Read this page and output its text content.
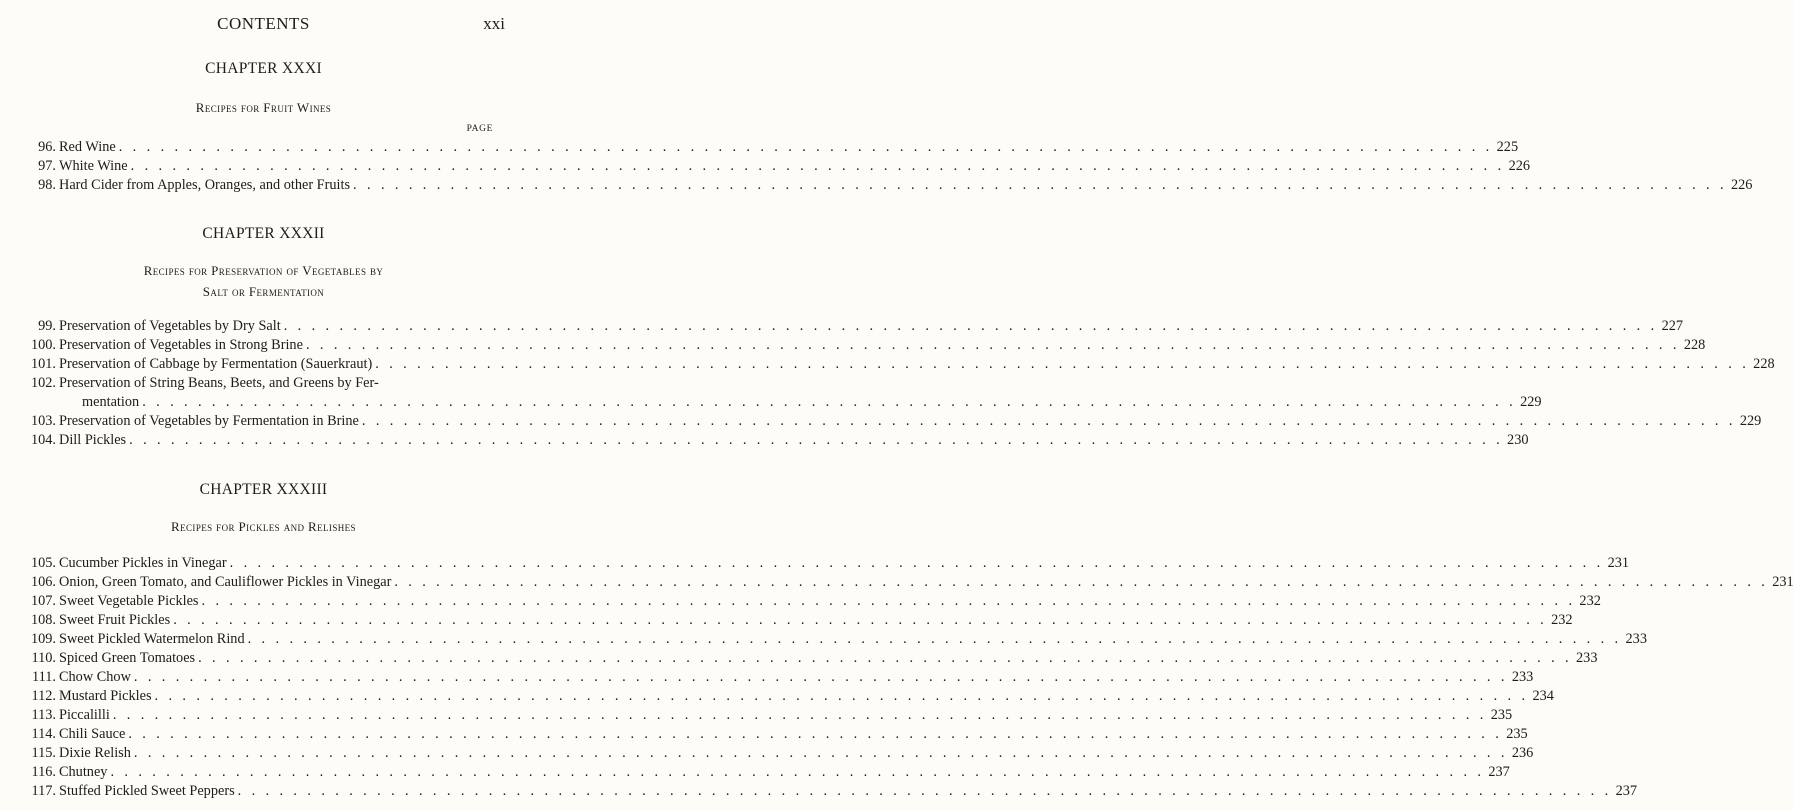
CONTENTS	xxi
CHAPTER XXXI
Recipes for Fruit Wines
PAGE
96. Red Wine . . . . . . . . . . . . . . . . . . . . . . . . . . . . . . . . . . . . . . . . . . . . . . . . . . . . . . . . . . . . . . . . . . . . . . . . . . . . . . . . . . . . . . . . . . . . . . . . . . . 225
97. White Wine . . . . . . . . . . . . . . . . . . . . . . . . . . . . . . . . . . . . . . . . . . . . . . . . . . . . . . . . . . . . . . . . . . . . . . . . . . . . . . . . . . . . . . . . . . . . . . . . . . . 226
98. Hard Cider from Apples, Oranges, and other Fruits . . . . . . . . . . . . . . . . . . . . . . . . . . . . . . . . . . . . . . . . . . . . . . . . . . . . . . . . . . . . . . . . . . . . . . . . . . . . . . . . . . . . . . . . . . . . . . . . . . . 226
CHAPTER XXXII
Recipes for Preservation of Vegetables by
Salt or Fermentation
99. Preservation of Vegetables by Dry Salt . . . . . . . . . . . . . . . . . . . . . . . . . . . . . . . . . . . . . . . . . . . . . . . . . . . . . . . . . . . . . . . . . . . . . . . . . . . . . . . . . . . . . . . . . . . . . . . . . . . 227
100. Preservation of Vegetables in Strong Brine . . . . . . . . . . . . . . . . . . . . . . . . . . . . . . . . . . . . . . . . . . . . . . . . . . . . . . . . . . . . . . . . . . . . . . . . . . . . . . . . . . . . . . . . . . . . . . . . . . . 228
101. Preservation of Cabbage by Fermentation (Sauerkraut) . . . . . . . . . . . . . . . . . . . . . . . . . . . . . . . . . . . . . . . . . . . . . . . . . . . . . . . . . . . . . . . . . . . . . . . . . . . . . . . . . . . . . . . . . . . . . . . . . . . 228
102. Preservation of String Beans, Beets, and Greens by Fer-
mentation . . . . . . . . . . . . . . . . . . . . . . . . . . . . . . . . . . . . . . . . . . . . . . . . . . . . . . . . . . . . . . . . . . . . . . . . . . . . . . . . . . . . . . . . . . . . . . . . . . . 229
103. Preservation of Vegetables by Fermentation in Brine . . . . . . . . . . . . . . . . . . . . . . . . . . . . . . . . . . . . . . . . . . . . . . . . . . . . . . . . . . . . . . . . . . . . . . . . . . . . . . . . . . . . . . . . . . . . . . . . . . . 229
104. Dill Pickles . . . . . . . . . . . . . . . . . . . . . . . . . . . . . . . . . . . . . . . . . . . . . . . . . . . . . . . . . . . . . . . . . . . . . . . . . . . . . . . . . . . . . . . . . . . . . . . . . . . 230
CHAPTER XXXIII
Recipes for Pickles and Relishes
105. Cucumber Pickles in Vinegar . . . . . . . . . . . . . . . . . . . . . . . . . . . . . . . . . . . . . . . . . . . . . . . . . . . . . . . . . . . . . . . . . . . . . . . . . . . . . . . . . . . . . . . . . . . . . . . . . . . 231
106. Onion, Green Tomato, and Cauliflower Pickles in Vinegar . . . . . . . . . . . . . . . . . . . . . . . . . . . . . . . . . . . . . . . . . . . . . . . . . . . . . . . . . . . . . . . . . . . . . . . . . . . . . . . . . . . . . . . . . . . . . . . . . . . 231
107. Sweet Vegetable Pickles . . . . . . . . . . . . . . . . . . . . . . . . . . . . . . . . . . . . . . . . . . . . . . . . . . . . . . . . . . . . . . . . . . . . . . . . . . . . . . . . . . . . . . . . . . . . . . . . . . . 232
108. Sweet Fruit Pickles . . . . . . . . . . . . . . . . . . . . . . . . . . . . . . . . . . . . . . . . . . . . . . . . . . . . . . . . . . . . . . . . . . . . . . . . . . . . . . . . . . . . . . . . . . . . . . . . . . . 232
109. Sweet Pickled Watermelon Rind . . . . . . . . . . . . . . . . . . . . . . . . . . . . . . . . . . . . . . . . . . . . . . . . . . . . . . . . . . . . . . . . . . . . . . . . . . . . . . . . . . . . . . . . . . . . . . . . . . . 233
110. Spiced Green Tomatoes . . . . . . . . . . . . . . . . . . . . . . . . . . . . . . . . . . . . . . . . . . . . . . . . . . . . . . . . . . . . . . . . . . . . . . . . . . . . . . . . . . . . . . . . . . . . . . . . . . . 233
111. Chow Chow . . . . . . . . . . . . . . . . . . . . . . . . . . . . . . . . . . . . . . . . . . . . . . . . . . . . . . . . . . . . . . . . . . . . . . . . . . . . . . . . . . . . . . . . . . . . . . . . . . . 233
112. Mustard Pickles . . . . . . . . . . . . . . . . . . . . . . . . . . . . . . . . . . . . . . . . . . . . . . . . . . . . . . . . . . . . . . . . . . . . . . . . . . . . . . . . . . . . . . . . . . . . . . . . . . . 234
113. Piccalilli . . . . . . . . . . . . . . . . . . . . . . . . . . . . . . . . . . . . . . . . . . . . . . . . . . . . . . . . . . . . . . . . . . . . . . . . . . . . . . . . . . . . . . . . . . . . . . . . . . . 235
114. Chili Sauce . . . . . . . . . . . . . . . . . . . . . . . . . . . . . . . . . . . . . . . . . . . . . . . . . . . . . . . . . . . . . . . . . . . . . . . . . . . . . . . . . . . . . . . . . . . . . . . . . . . 235
115. Dixie Relish . . . . . . . . . . . . . . . . . . . . . . . . . . . . . . . . . . . . . . . . . . . . . . . . . . . . . . . . . . . . . . . . . . . . . . . . . . . . . . . . . . . . . . . . . . . . . . . . . . . 236
116. Chutney . . . . . . . . . . . . . . . . . . . . . . . . . . . . . . . . . . . . . . . . . . . . . . . . . . . . . . . . . . . . . . . . . . . . . . . . . . . . . . . . . . . . . . . . . . . . . . . . . . . 237
117. Stuffed Pickled Sweet Peppers . . . . . . . . . . . . . . . . . . . . . . . . . . . . . . . . . . . . . . . . . . . . . . . . . . . . . . . . . . . . . . . . . . . . . . . . . . . . . . . . . . . . . . . . . . . . . . . . . . . 237
